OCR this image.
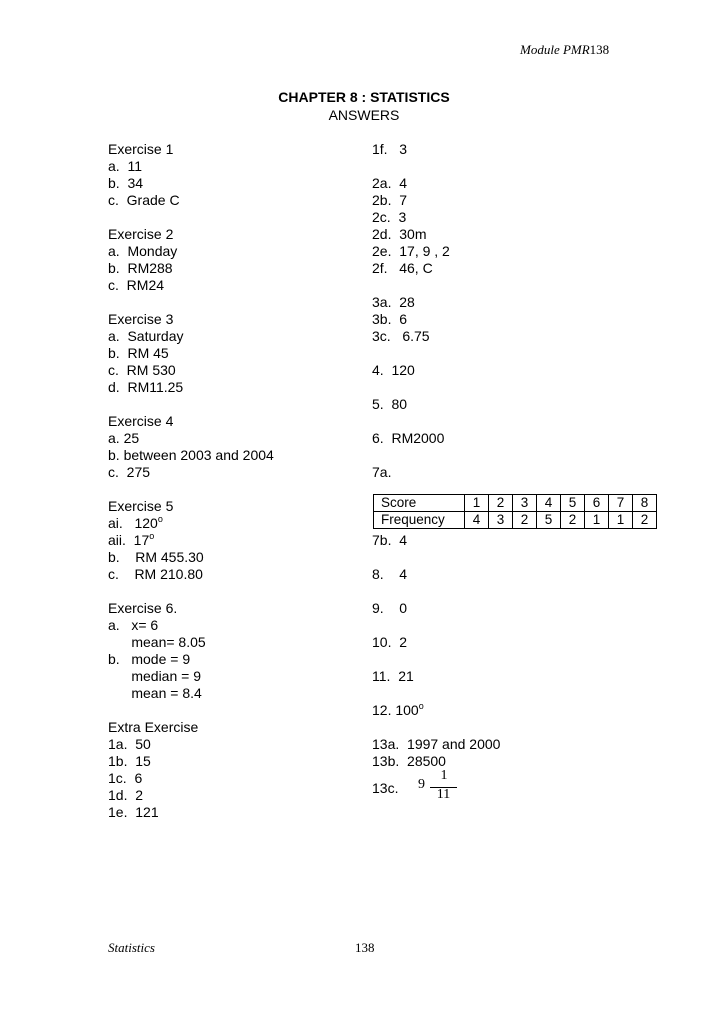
Module PMR138
CHAPTER 8 : STATISTICS
ANSWERS
Exercise 1
a.  11
b.  34
c.  Grade C
Exercise 2
a.  Monday
b.  RM288
c.  RM24
Exercise 3
a.  Saturday
b.  RM 45
c.  RM 530
d.  RM11.25
Exercise 4
a. 25
b. between 2003 and 2004
c.  275
Exercise 5
ai.   120$^o$
aii.  17$^o$
b.    RM 455.30
c.    RM 210.80
Exercise 6.
a.   x= 6
mean= 8.05
b.   mode = 9
median = 9
mean = 8.4
Extra Exercise
1a.  50
1b.  15
1c.  6
1d.  2
1e.  121
1f.   3
2a.  4
2b.  7
2c.  3
2d.  30m
2e.  17, 9 , 2
2f.   46, C
3a.  28
3b.  6
3c.   6.75
4.  120
5.  80
6.  RM2000
7a.
7b.  4
8.    4
9.    0
10.  2
11.  21
12. 100$^o$
13a.  1997 and 2000
13b.  28500
13c.
Score	1	2	3	4	5	6	7	8
Frequency	4	3	2	5	2	1	1	2
9
1
11
Statistics	138
